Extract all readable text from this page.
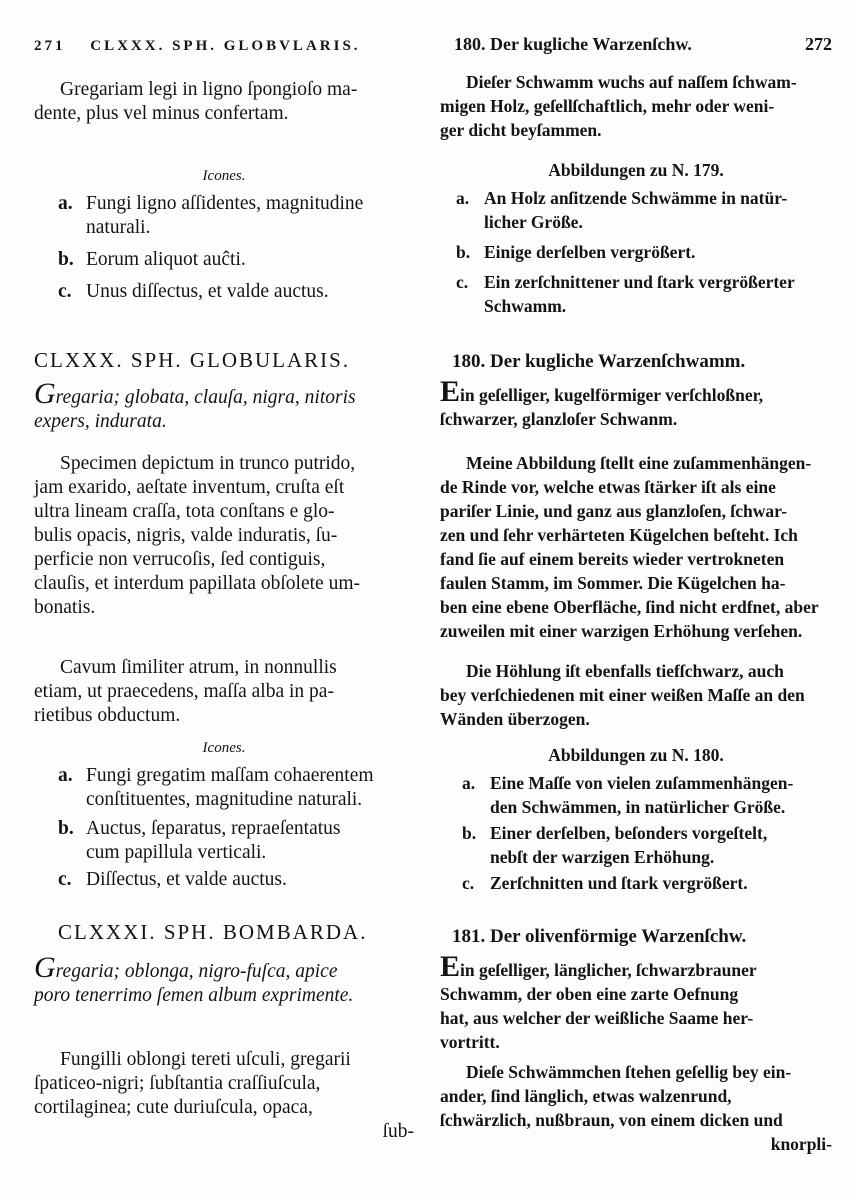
271 CLXXX. SPH. GLOBVLARIS.
Gregariam legi in ligno ſpongioſo ma-
dente, plus vel minus confertam.
Icones.
a. Fungi ligno aſſidentes, magnitudine
naturali.
b. Eorum aliquot auĉti.
c. Unus diſſectus, et valde auctus.
CLXXX. SPH. GLOBULARIS.
Gregaria; globata, clauſa, nigra, nitoris
expers, indurata.
Specimen depictum in trunco putrido,
jam exarido, aeſtate inventum, cruſta eſt
ultra lineam craſſa, tota conſtans e glo-
bulis opacis, nigris, valde induratis, ſu-
perficie non verrucoſis, ſed contiguis,
clauſis, et interdum papillata obſolete um-
bonatis.
Cavum ſimiliter atrum, in nonnullis
etiam, ut praecedens, maſſa alba in pa-
rietibus obductum.
Icones.
a. Fungi gregatim maſſam cohaerentem
conſtituentes, magnitudine naturali.
b. Auctus, ſeparatus, repraeſentatus
cum papillula verticali.
c. Diſſectus, et valde auctus.
CLXXXI. SPH. BOMBARDA.
Gregaria; oblonga, nigro-fuſca, apice
poro tenerrimo ſemen album exprimente.
Fungilli oblongi tereti uſculi, gregarii
ſpaticeo-nigri; ſubſtantia craſſiuſcula,
cortilaginea; cute duriuſcula, opaca,
ſub-
180. Der kugliche Warzenſchw.	272
Dieſer Schwamm wuchs auf naſſem ſchwam-
migen Holz, geſellſchaftlich, mehr oder weni-
ger dicht beyſammen.
Abbildungen zu N. 179.
a. An Holz anſitzende Schwämme in natür-
licher Größe.
b. Einige derſelben vergrößert.
c. Ein zerſchnittener und ſtark vergrößerter
Schwamm.
180. Der kugliche Warzenſchwamm.
Ein geſelliger, kugelförmiger verſchloßner,
ſchwarzer, glanzloſer Schwanm.
Meine Abbildung ſtellt eine zuſammenhängen-
de Rinde vor, welche etwas ſtärker iſt als eine
pariſer Linie, und ganz aus glanzloſen, ſchwar-
zen und ſehr verhärteten Kügelchen beſteht. Ich
fand ſie auf einem bereits wieder vertrokneten
faulen Stamm, im Sommer. Die Kügelchen ha-
ben eine ebene Oberfläche, ſind nicht erdfnet, aber
zuweilen mit einer warzigen Erhöhung verſehen.
Die Höhlung iſt ebenfalls tiefſchwarz, auch
bey verſchiedenen mit einer weißen Maſſe an den
Wänden überzogen.
Abbildungen zu N. 180.
a. Eine Maſſe von vielen zuſammenhängen-
den Schwämmen, in natürlicher Größe.
b. Einer derſelben, beſonders vorgeſtelt,
nebſt der warzigen Erhöhung.
c. Zerſchnitten und ſtark vergrößert.
181. Der olivenförmige Warzenſchw.
Ein geſelliger, länglicher, ſchwarzbrauner
Schwamm, der oben eine zarte Oefnung
hat, aus welcher der weißliche Saame her-
vortritt.
Dieſe Schwämmchen ſtehen geſellig bey ein-
ander, ſind länglich, etwas walzenrund,
ſchwärzlich, nußbraun, von einem dicken und
knorpli-
